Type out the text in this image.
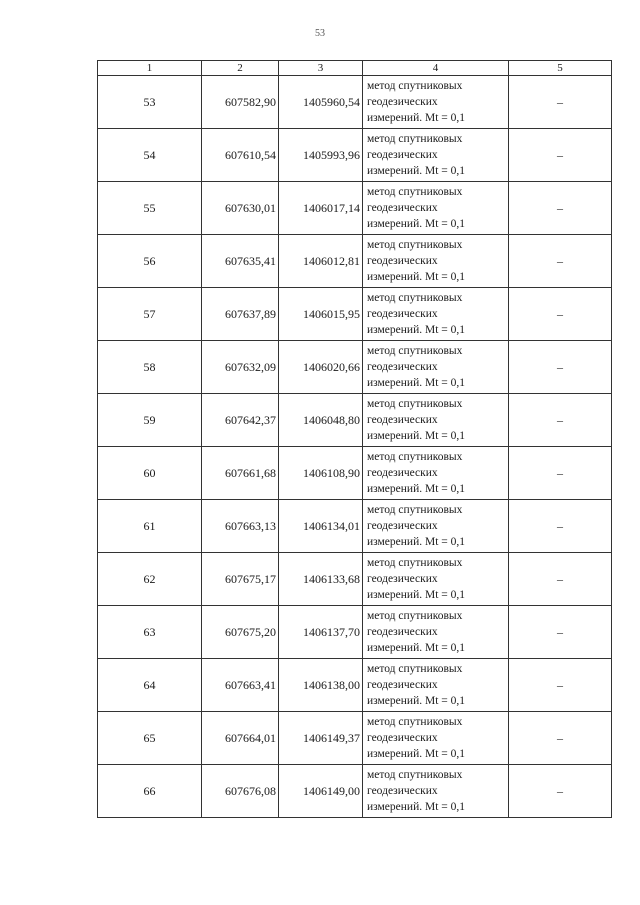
53
1	2	3	4	5
53	607582,90	1405960,54	метод спутниковых
геодезических
измерений. Mt = 0,1	–
54	607610,54	1405993,96	метод спутниковых
геодезических
измерений. Mt = 0,1	–
55	607630,01	1406017,14	метод спутниковых
геодезических
измерений. Mt = 0,1	–
56	607635,41	1406012,81	метод спутниковых
геодезических
измерений. Mt = 0,1	–
57	607637,89	1406015,95	метод спутниковых
геодезических
измерений. Mt = 0,1	–
58	607632,09	1406020,66	метод спутниковых
геодезических
измерений. Mt = 0,1	–
59	607642,37	1406048,80	метод спутниковых
геодезических
измерений. Mt = 0,1	–
60	607661,68	1406108,90	метод спутниковых
геодезических
измерений. Mt = 0,1	–
61	607663,13	1406134,01	метод спутниковых
геодезических
измерений. Mt = 0,1	–
62	607675,17	1406133,68	метод спутниковых
геодезических
измерений. Mt = 0,1	–
63	607675,20	1406137,70	метод спутниковых
геодезических
измерений. Mt = 0,1	–
64	607663,41	1406138,00	метод спутниковых
геодезических
измерений. Mt = 0,1	–
65	607664,01	1406149,37	метод спутниковых
геодезических
измерений. Mt = 0,1	–
66	607676,08	1406149,00	метод спутниковых
геодезических
измерений. Mt = 0,1	–
